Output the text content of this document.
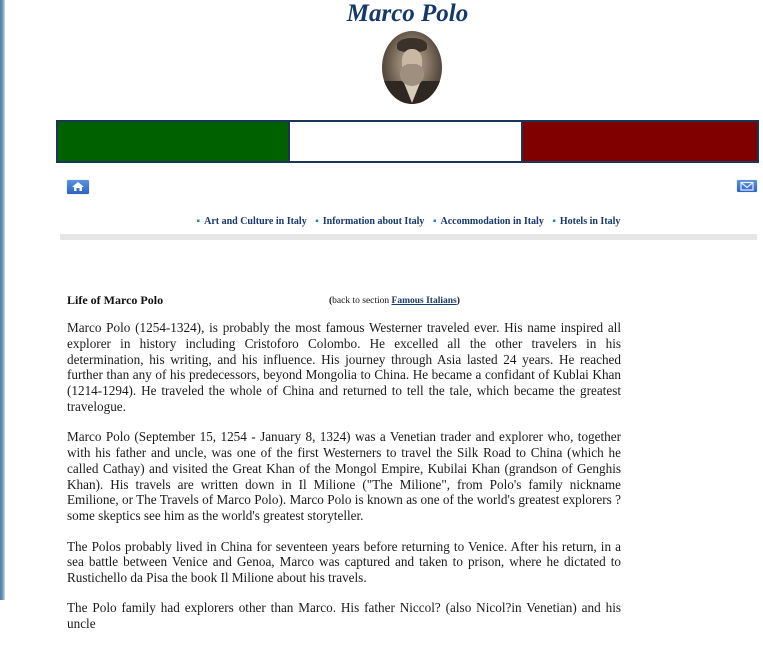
Marco Polo
▪ Art and Culture in Italy ▪ Information about Italy ▪ Accommodation in Italy ▪ Hotels in Italy
Life of Marco Polo	(back to section Famous Italians)

Marco Polo (1254-1324), is probably the most famous Westerner traveled ever. His name inspired all explorer in history including Cristoforo Colombo. He excelled all the other travelers in his determination, his writing, and his influence. His journey through Asia lasted 24 years. He reached further than any of his predecessors, beyond Mongolia to China. He became a confidant of Kublai Khan (1214-1294). He traveled the whole of China and returned to tell the tale, which became the greatest travelogue.

Marco Polo (September 15, 1254 - January 8, 1324) was a Venetian trader and explorer who, together with his father and uncle, was one of the first Westerners to travel the Silk Road to China (which he called Cathay) and visited the Great Khan of the Mongol Empire, Kubilai Khan (grandson of Genghis Khan). His travels are written down in Il Milione ("The Milione", from Polo's family nickname Emilione, or The Travels of Marco Polo). Marco Polo is known as one of the world's greatest explorers ? some skeptics see him as the world's greatest storyteller.

The Polos probably lived in China for seventeen years before returning to Venice. After his return, in a sea battle between Venice and Genoa, Marco was captured and taken to prison, where he dictated to Rustichello da Pisa the book Il Milione about his travels.

The Polo family had explorers other than Marco. His father Niccol? (also Nicol?in Venetian) and his uncle
